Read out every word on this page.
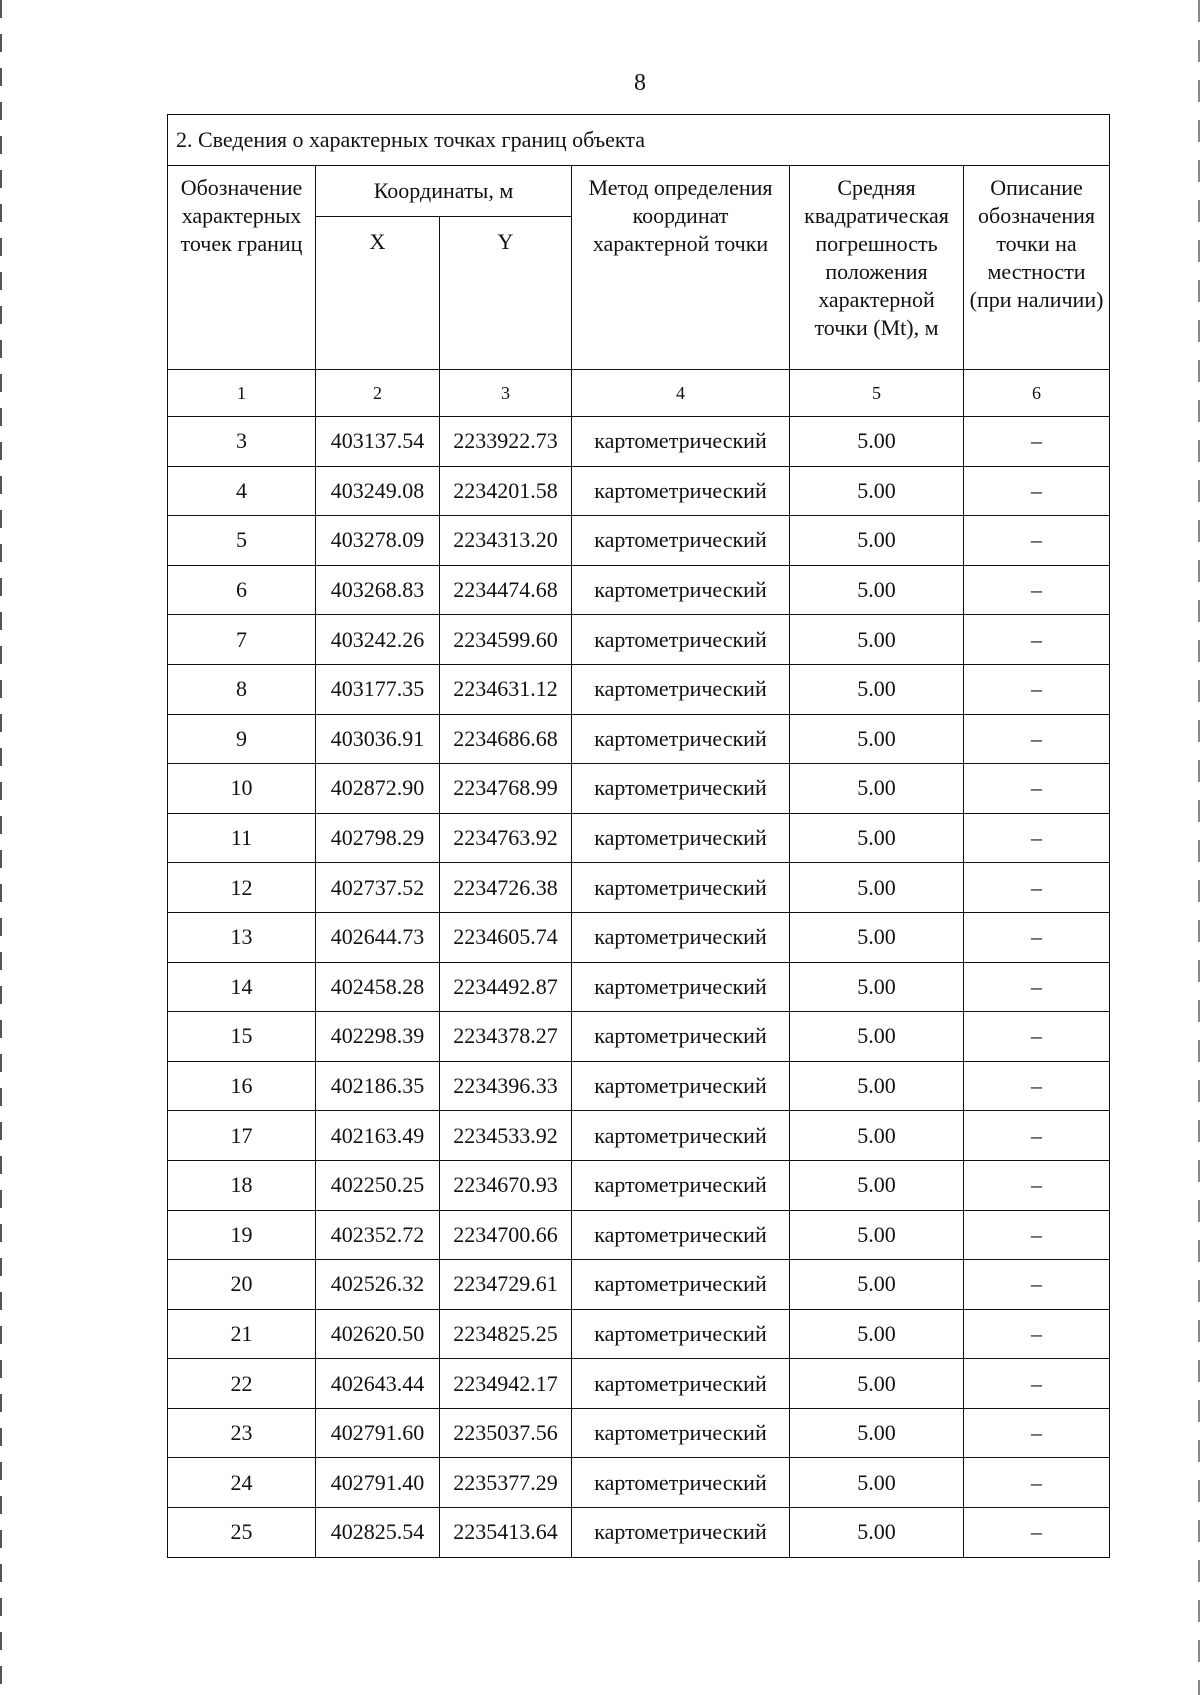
8
2. Сведения о характерных точках границ объекта					
Обозначение характерных точек границ	Координаты, м		Метод определения координат характерной точки	Средняя квадратическая погрешность положения характерной точки (Mt), м	Описание обозначения точки на местности (при наличии)
	X	Y			
1	2	3	4	5	6
3	403137.54	2233922.73	картометрический	5.00	–
4	403249.08	2234201.58	картометрический	5.00	–
5	403278.09	2234313.20	картометрический	5.00	–
6	403268.83	2234474.68	картометрический	5.00	–
7	403242.26	2234599.60	картометрический	5.00	–
8	403177.35	2234631.12	картометрический	5.00	–
9	403036.91	2234686.68	картометрический	5.00	–
10	402872.90	2234768.99	картометрический	5.00	–
11	402798.29	2234763.92	картометрический	5.00	–
12	402737.52	2234726.38	картометрический	5.00	–
13	402644.73	2234605.74	картометрический	5.00	–
14	402458.28	2234492.87	картометрический	5.00	–
15	402298.39	2234378.27	картометрический	5.00	–
16	402186.35	2234396.33	картометрический	5.00	–
17	402163.49	2234533.92	картометрический	5.00	–
18	402250.25	2234670.93	картометрический	5.00	–
19	402352.72	2234700.66	картометрический	5.00	–
20	402526.32	2234729.61	картометрический	5.00	–
21	402620.50	2234825.25	картометрический	5.00	–
22	402643.44	2234942.17	картометрический	5.00	–
23	402791.60	2235037.56	картометрический	5.00	–
24	402791.40	2235377.29	картометрический	5.00	–
25	402825.54	2235413.64	картометрический	5.00	–
